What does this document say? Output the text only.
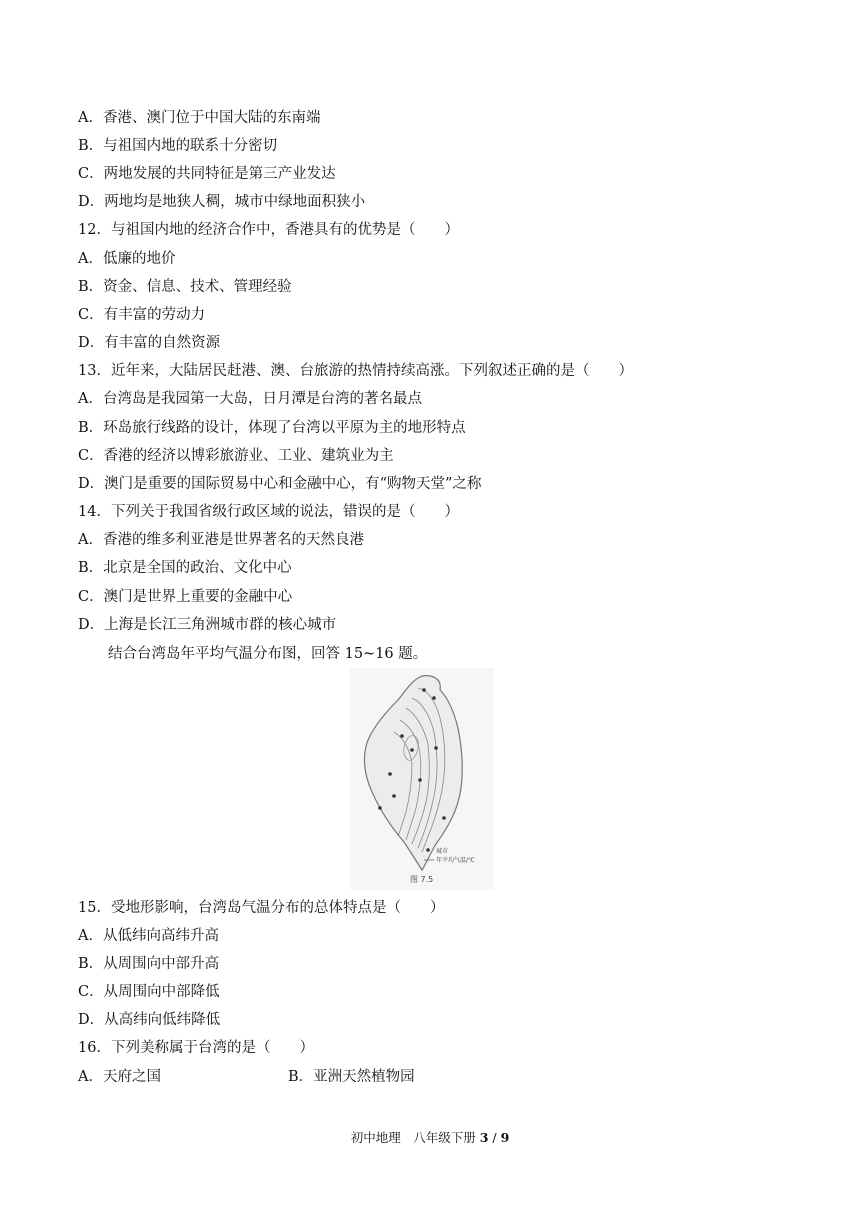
A．香港、澳门位于中国大陆的东南端
B．与祖国内地的联系十分密切
C．两地发展的共同特征是第三产业发达
D．两地均是地狭人稠，城市中绿地面积狭小
12．与祖国内地的经济合作中，香港具有的优势是（　　）
A．低廉的地价
B．资金、信息、技术、管理经验
C．有丰富的劳动力
D．有丰富的自然资源
13．近年来，大陆居民赶港、澳、台旅游的热情持续高涨。下列叙述正确的是（　　）
A．台湾岛是我园第一大岛，日月潭是台湾的著名最点
B．环岛旅行线路的设计，体现了台湾以平原为主的地形特点
C．香港的经济以博彩旅游业、工业、建筑业为主
D．澳门是重要的国际贸易中心和金融中心，有“购物天堂”之称
14．下列关于我国省级行政区域的说法，错误的是（　　）
A．香港的维多利亚港是世界著名的天然良港
B．北京是全国的政治、文化中心
C．澳门是世界上重要的金融中心
D．上海是长江三角洲城市群的核心城市
结合台湾岛年平均气温分布图，回答 15~16 题。
城市
年平均气温/℃
图 7.5
15．受地形影响，台湾岛气温分布的总体特点是（　　）
A．从低纬向高纬升高
B．从周围向中部升高
C．从周围向中部降低
D．从高纬向低纬降低
16．下列美称属于台湾的是（　　）
A．天府之国	B．亚洲天然植物园
初中地理　八年级下册 3 / 9
